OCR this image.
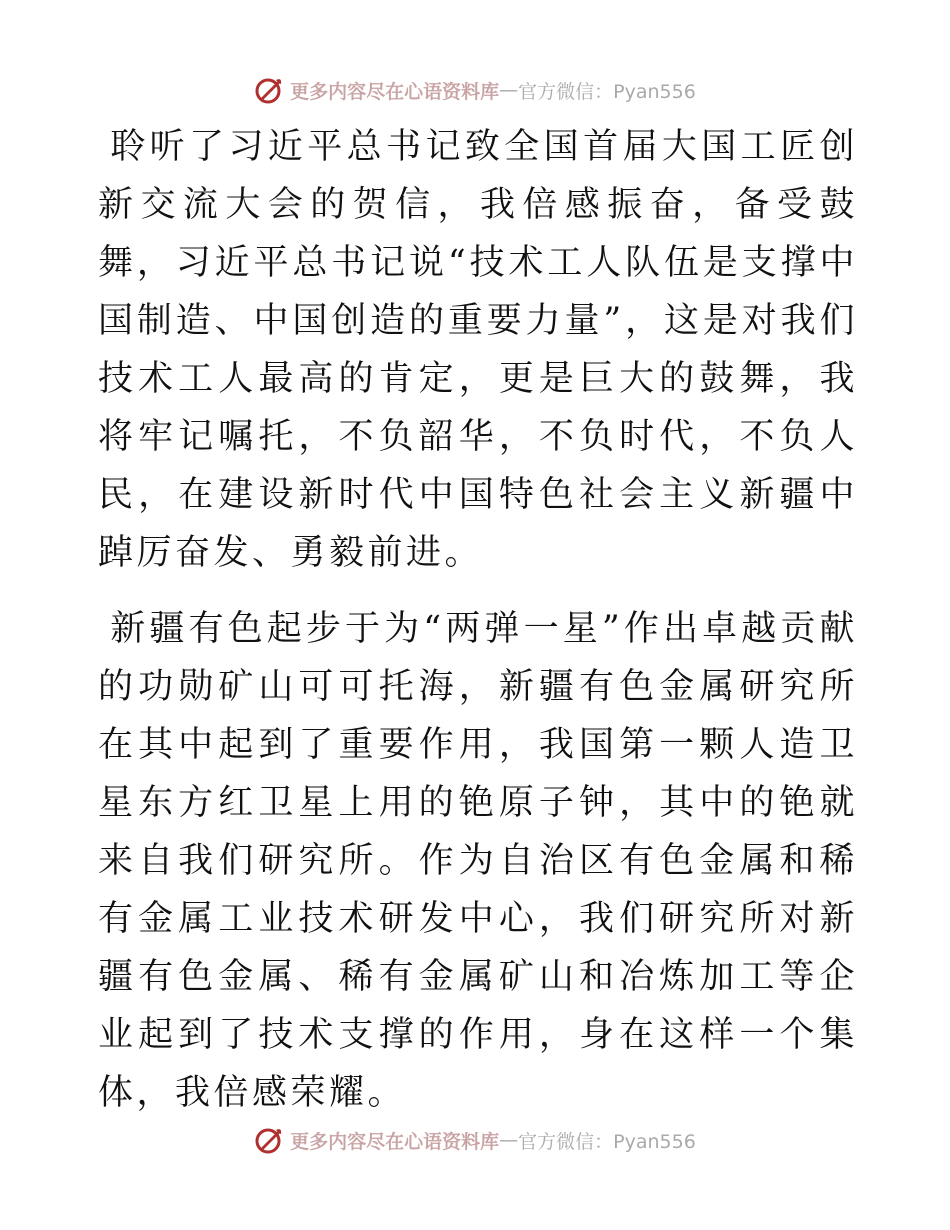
更多内容尽在心语资料库 — 官方微信：Pyan556

聆听了习近平总书记致全国首届大国工匠创新交流大会的贺信，我倍感振奋，备受鼓舞，习近平总书记说“技术工人队伍是支撑中国制造、中国创造的重要力量”，这是对我们技术工人最高的肯定，更是巨大的鼓舞，我将牢记嘱托，不负韶华，不负时代，不负人民，在建设新时代中国特色社会主义新疆中踔厉奋发、勇毅前进。

新疆有色起步于为“两弹一星”作出卓越贡献的功勋矿山可可托海，新疆有色金属研究所在其中起到了重要作用，我国第一颗人造卫星东方红卫星上用的铯原子钟，其中的铯就来自我们研究所。作为自治区有色金属和稀有金属工业技术研发中心，我们研究所对新疆有色金属、稀有金属矿山和冶炼加工等企业起到了技术支撑的作用，身在这样一个集体，我倍感荣耀。

更多内容尽在心语资料库 — 官方微信：Pyan556
